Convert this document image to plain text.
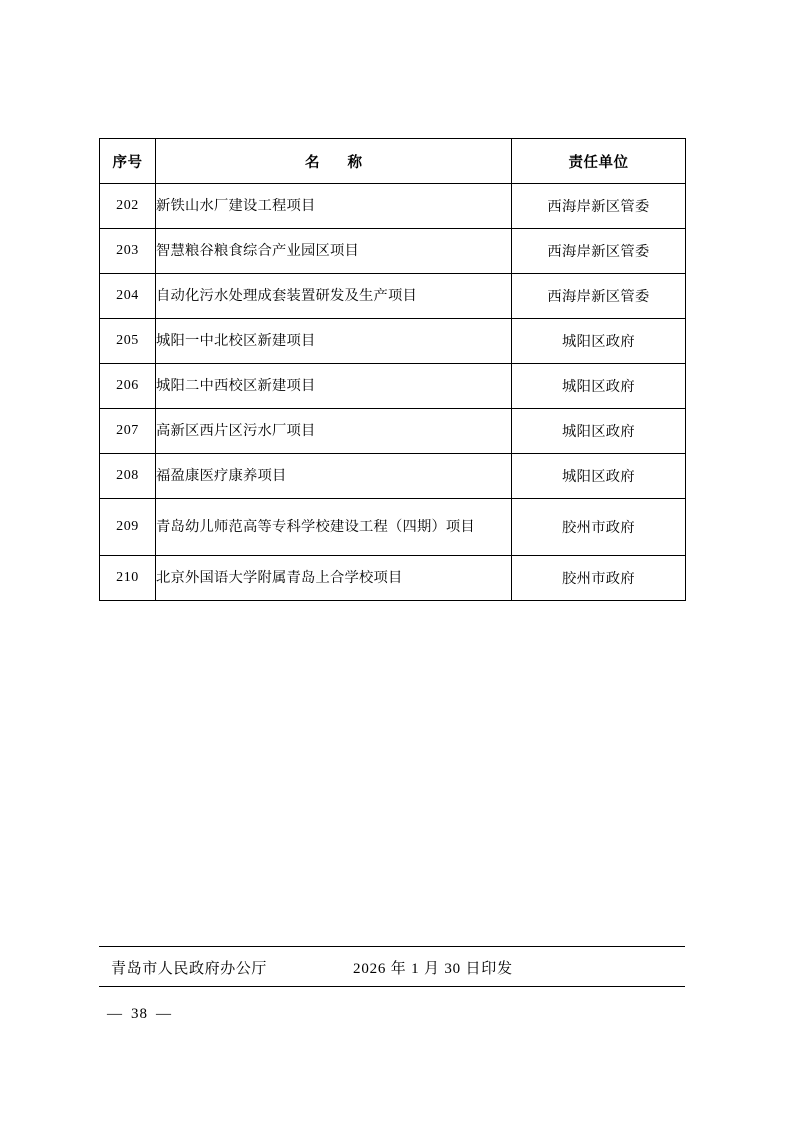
序号	名 称	责任单位
202	新铁山水厂建设工程项目	西海岸新区管委
203	智慧粮谷粮食综合产业园区项目	西海岸新区管委
204	自动化污水处理成套装置研发及生产项目	西海岸新区管委
205	城阳一中北校区新建项目	城阳区政府
206	城阳二中西校区新建项目	城阳区政府
207	高新区西片区污水厂项目	城阳区政府
208	福盈康医疗康养项目	城阳区政府
209	青岛幼儿师范高等专科学校建设工程（四期）项目	胶州市政府
210	北京外国语大学附属青岛上合学校项目	胶州市政府
青岛市人民政府办公厅	2026 年 1 月 30 日印发
— 38 —
